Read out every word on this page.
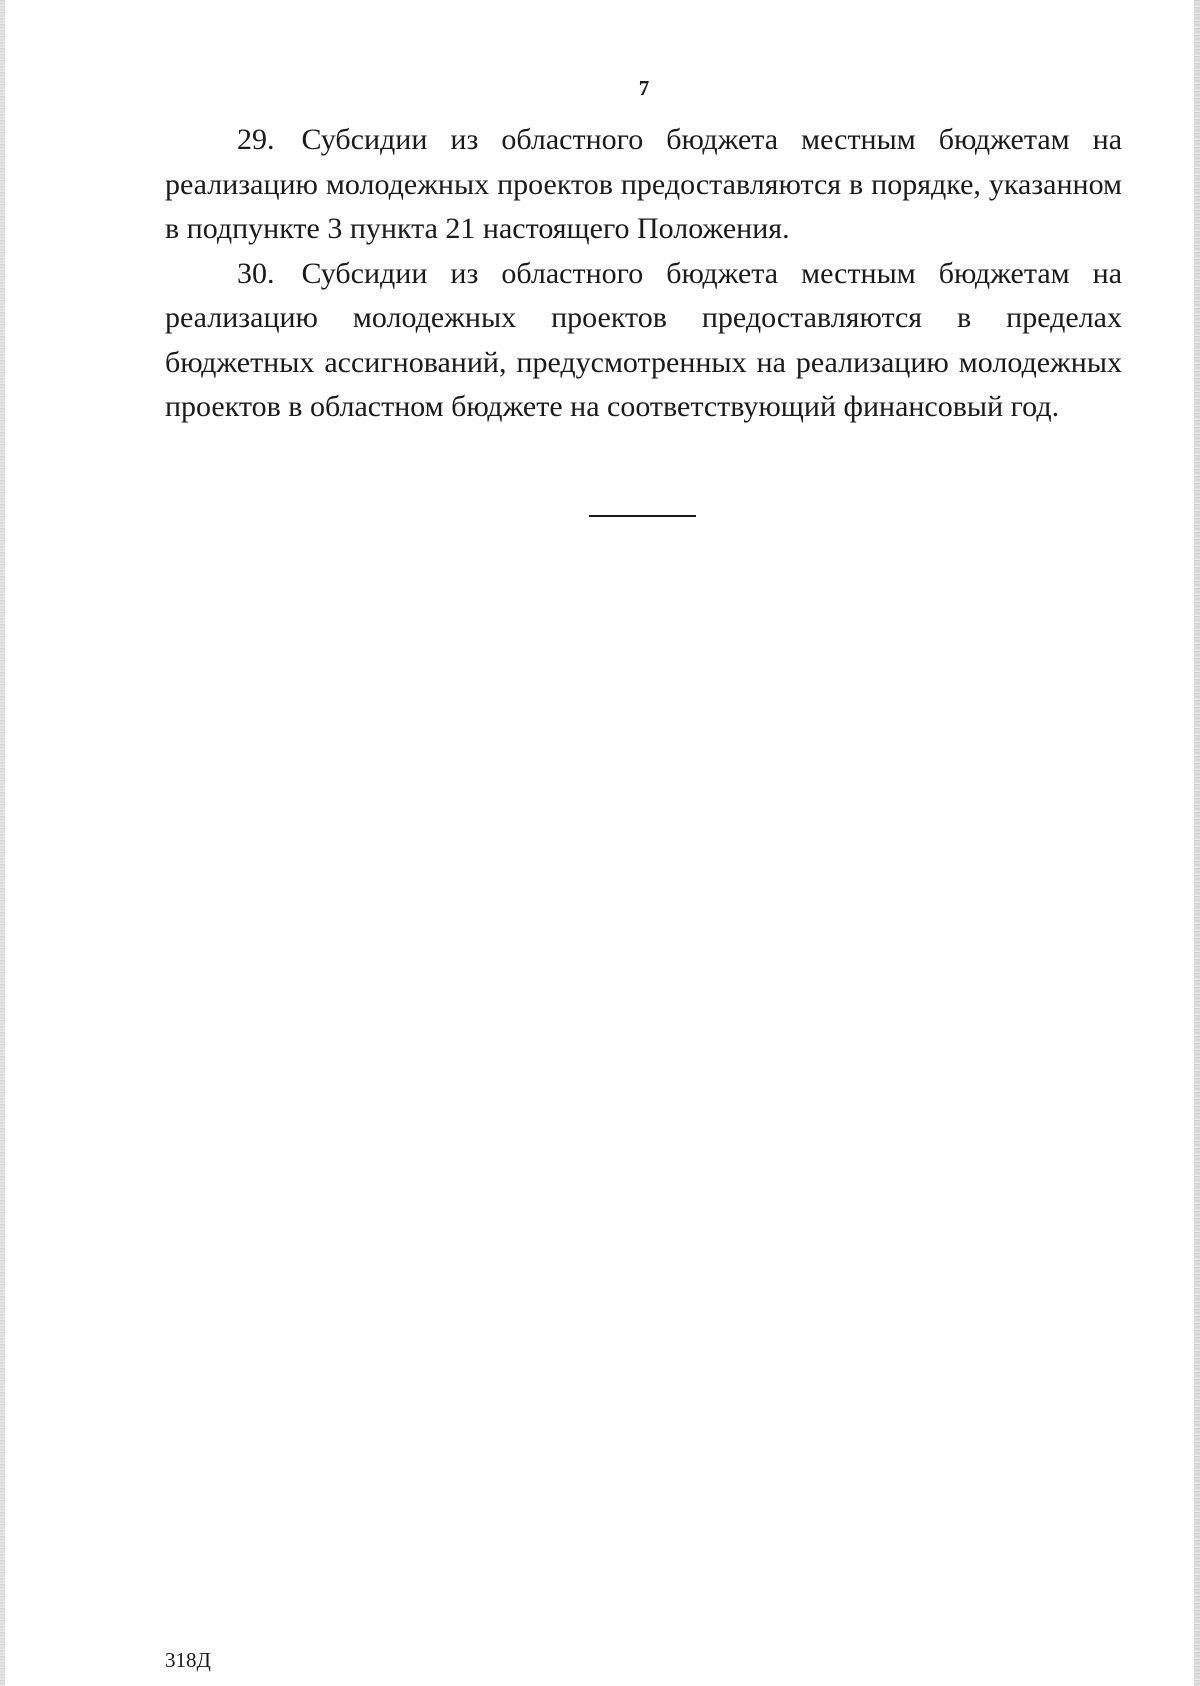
7

29. Субсидии из областного бюджета местным бюджетам на реализацию молодежных проектов предоставляются в порядке, указанном в подпункте 3 пункта 21 настоящего Положения.

30. Субсидии из областного бюджета местным бюджетам на реализацию молодежных проектов предоставляются в пределах бюджетных ассигнований, предусмотренных на реализацию молодежных проектов в областном бюджете на соответствующий финансовый год.

318Д
